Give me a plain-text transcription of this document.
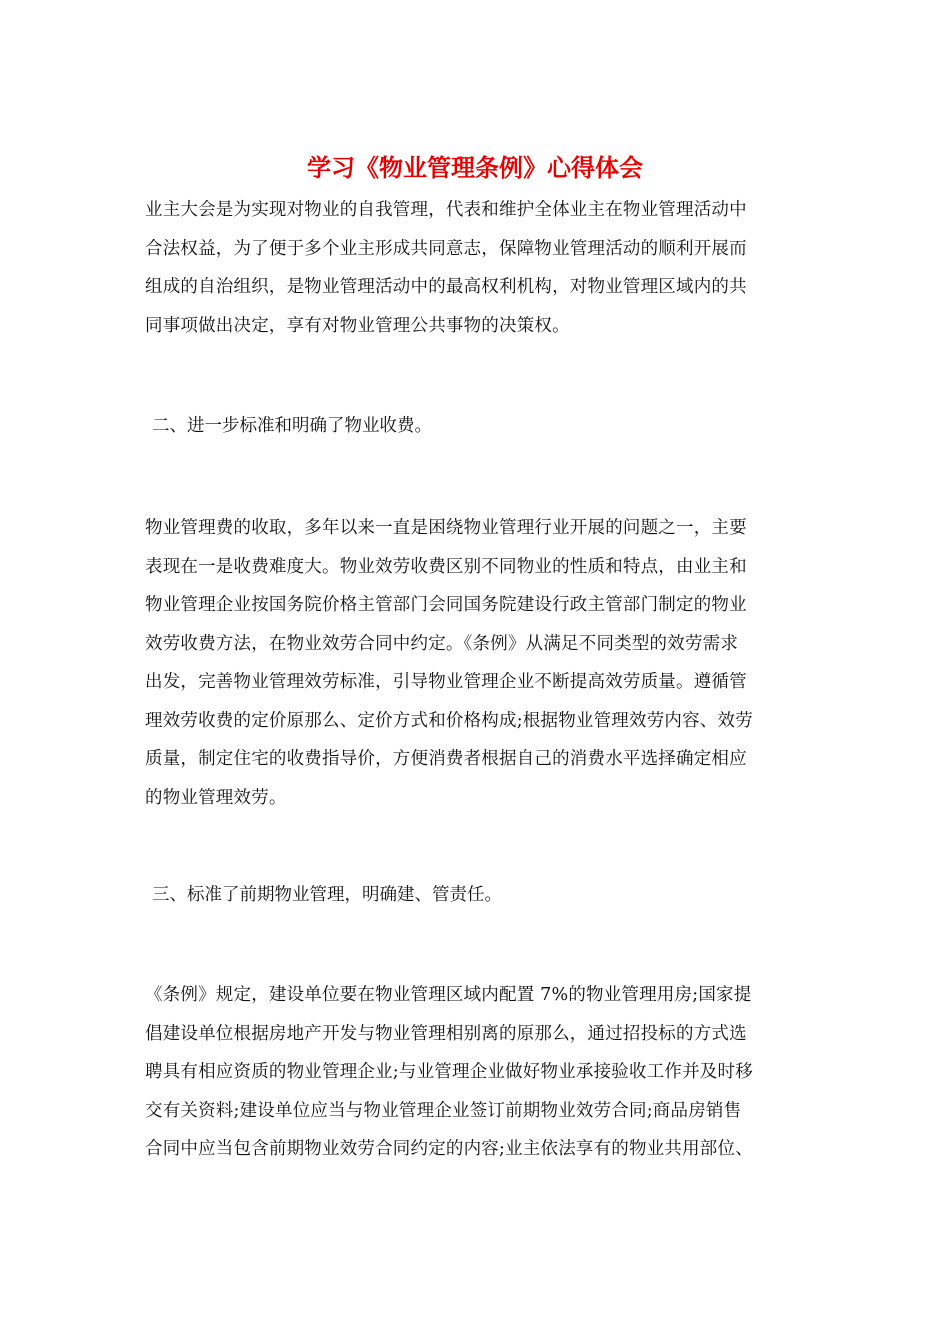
学习《物业管理条例》心得体会
业主大会是为实现对物业的自我管理，代表和维护全体业主在物业管理活动中
合法权益，为了便于多个业主形成共同意志，保障物业管理活动的顺利开展而
组成的自治组织，是物业管理活动中的最高权利机构，对物业管理区域内的共
同事项做出决定，享有对物业管理公共事物的决策权。
二、进一步标准和明确了物业收费。
物业管理费的收取，多年以来一直是困绕物业管理行业开展的问题之一，主要
表现在一是收费难度大。物业效劳收费区别不同物业的性质和特点，由业主和
物业管理企业按国务院价格主管部门会同国务院建设行政主管部门制定的物业
效劳收费方法，在物业效劳合同中约定。《条例》从满足不同类型的效劳需求
出发，完善物业管理效劳标准，引导物业管理企业不断提高效劳质量。遵循管
理效劳收费的定价原那么、定价方式和价格构成;根据物业管理效劳内容、效劳
质量，制定住宅的收费指导价，方便消费者根据自己的消费水平选择确定相应
的物业管理效劳。
三、标准了前期物业管理，明确建、管责任。
《条例》规定，建设单位要在物业管理区域内配置 7%的物业管理用房;国家提
倡建设单位根据房地产开发与物业管理相别离的原那么，通过招投标的方式选
聘具有相应资质的物业管理企业;与业管理企业做好物业承接验收工作并及时移
交有关资料;建设单位应当与物业管理企业签订前期物业效劳合同;商品房销售
合同中应当包含前期物业效劳合同约定的内容;业主依法享有的物业共用部位、
